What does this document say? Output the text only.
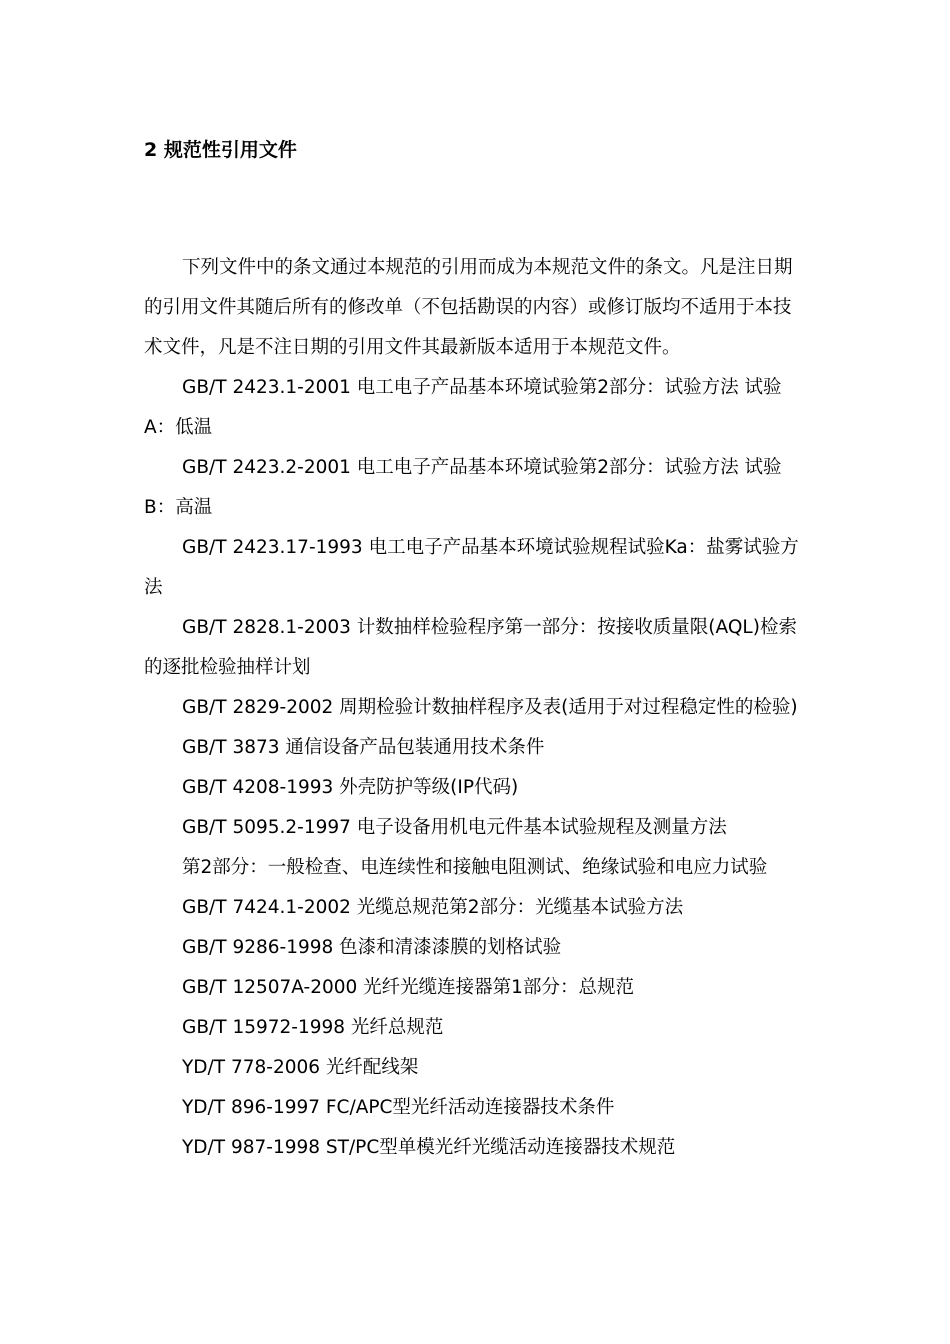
2 规范性引用文件

下列文件中的条文通过本规范的引用而成为本规范文件的条文。凡是注日期的引用文件其随后所有的修改单（不包括勘误的内容）或修订版均不适用于本技术文件，凡是不注日期的引用文件其最新版本适用于本规范文件。

GB/T 2423.1-2001 电工电子产品基本环境试验第2部分：试验方法 试验A：低温

GB/T 2423.2-2001 电工电子产品基本环境试验第2部分：试验方法 试验B：高温

GB/T 2423.17-1993 电工电子产品基本环境试验规程试验Ka：盐雾试验方法

GB/T 2828.1-2003 计数抽样检验程序第一部分：按接收质量限(AQL)检索的逐批检验抽样计划

GB/T 2829-2002 周期检验计数抽样程序及表(适用于对过程稳定性的检验)

GB/T 3873 通信设备产品包装通用技术条件

GB/T 4208-1993 外壳防护等级(IP代码)

GB/T 5095.2-1997 电子设备用机电元件基本试验规程及测量方法

第2部分：一般检查、电连续性和接触电阻测试、绝缘试验和电应力试验

GB/T 7424.1-2002 光缆总规范第2部分：光缆基本试验方法

GB/T 9286-1998 色漆和清漆漆膜的划格试验

GB/T 12507A-2000 光纤光缆连接器第1部分：总规范

GB/T 15972-1998 光纤总规范

YD/T 778-2006 光纤配线架

YD/T 896-1997 FC/APC型光纤活动连接器技术条件

YD/T 987-1998 ST/PC型单模光纤光缆活动连接器技术规范
